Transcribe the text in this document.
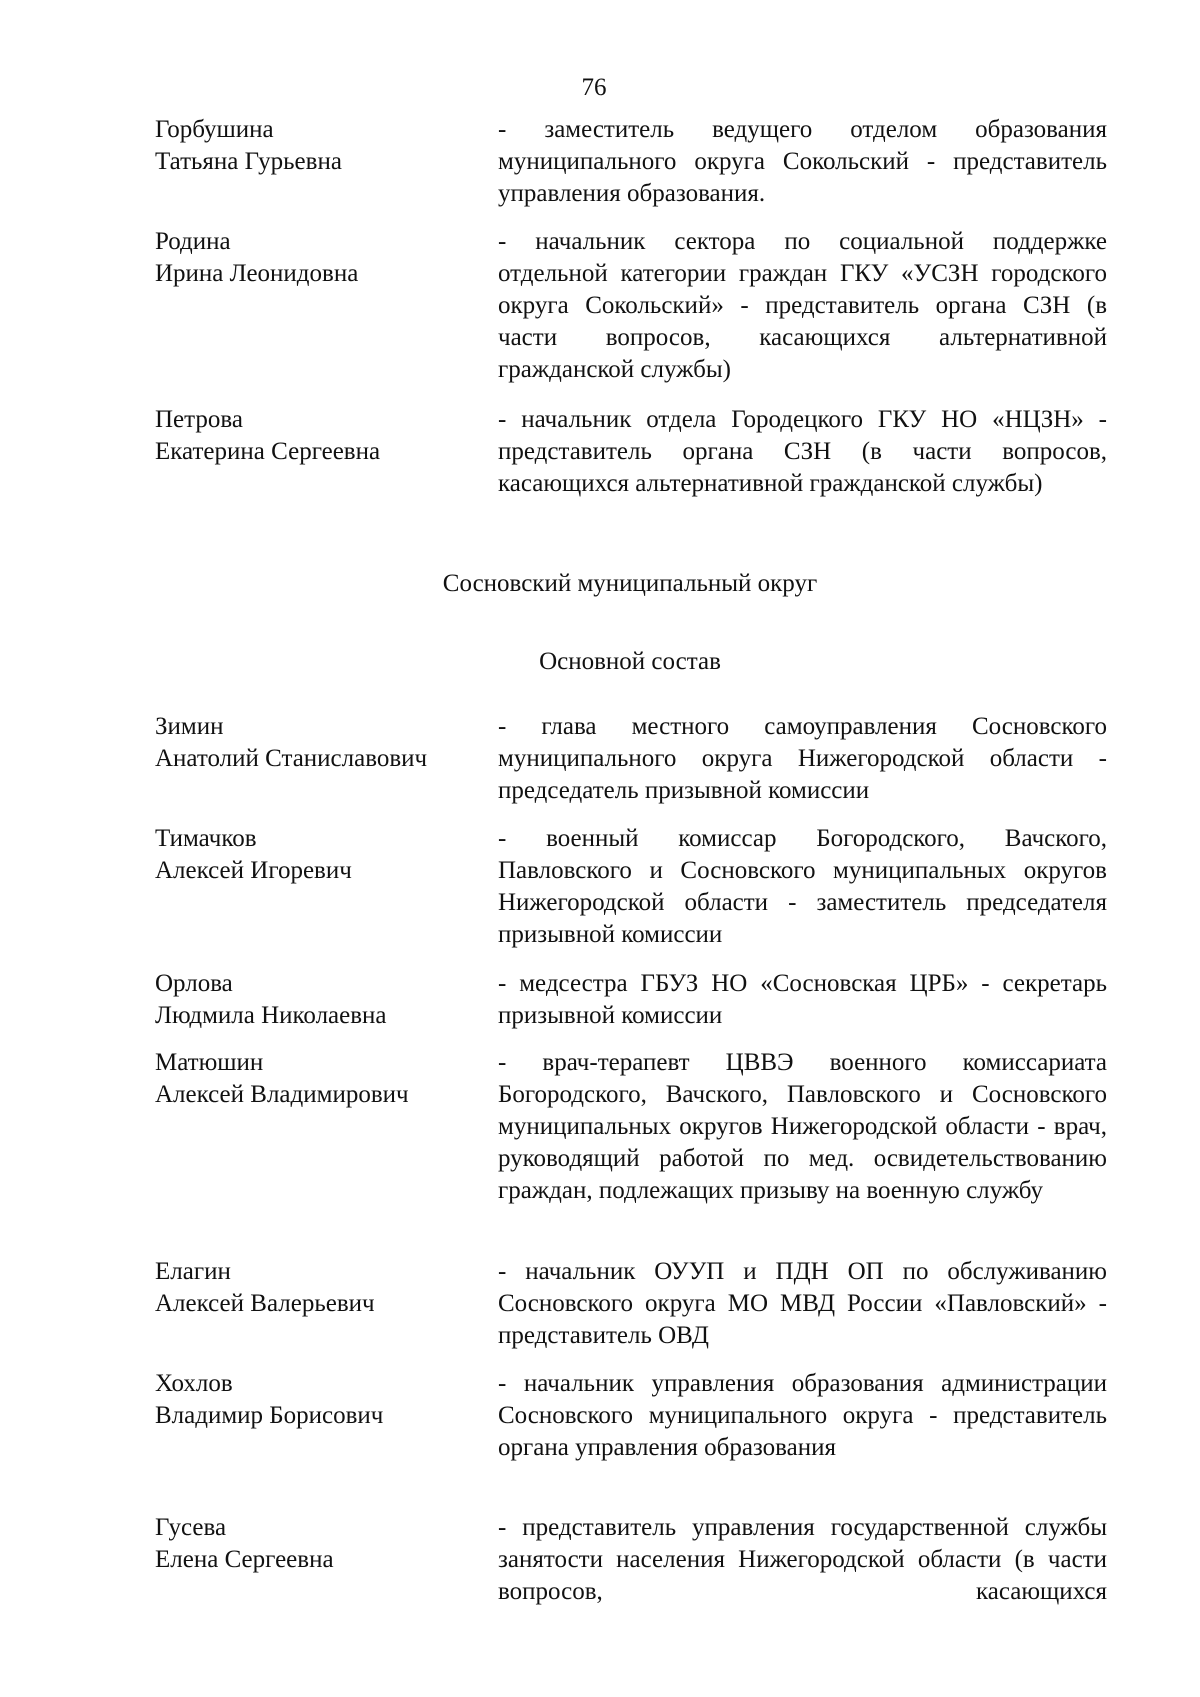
76
Горбушина
Татьяна Гурьевна
- заместитель ведущего отделом образования муниципального округа Сокольский - представитель управления образования.
Родина
Ирина Леонидовна
- начальник сектора по социальной поддержке отдельной категории граждан ГКУ «УСЗН городского округа Сокольский» - представитель органа СЗН (в части вопросов, касающихся альтернативной гражданской службы)
Петрова
Екатерина Сергеевна
- начальник отдела Городецкого ГКУ НО «НЦЗН» - представитель органа СЗН (в части вопросов, касающихся альтернативной гражданской службы)
Сосновский муниципальный округ
Основной состав
Зимин
Анатолий Станиславович
- глава местного самоуправления Сосновского муниципального округа Нижегородской области - председатель призывной комиссии
Тимачков
Алексей Игоревич
- военный комиссар Богородского, Вачского, Павловского и Сосновского муниципальных округов Нижегородской области - заместитель председателя призывной комиссии
Орлова
Людмила Николаевна
- медсестра ГБУЗ НО «Сосновская ЦРБ» - секретарь призывной комиссии
Матюшин
Алексей Владимирович
- врач-терапевт ЦВВЭ военного комиссариата Богородского, Вачского, Павловского и Сосновского муниципальных округов Нижегородской области - врач, руководящий работой по мед. освидетельствованию граждан, подлежащих призыву на военную службу
Елагин
Алексей Валерьевич
- начальник ОУУП и ПДН ОП по обслуживанию Сосновского округа МО МВД России «Павловский» - представитель ОВД
Хохлов
Владимир Борисович
- начальник управления образования администрации Сосновского муниципального округа - представитель органа управления образования
Гусева
Елена Сергеевна
- представитель управления государственной службы занятости населения Нижегородской области (в части вопросов, касающихся
